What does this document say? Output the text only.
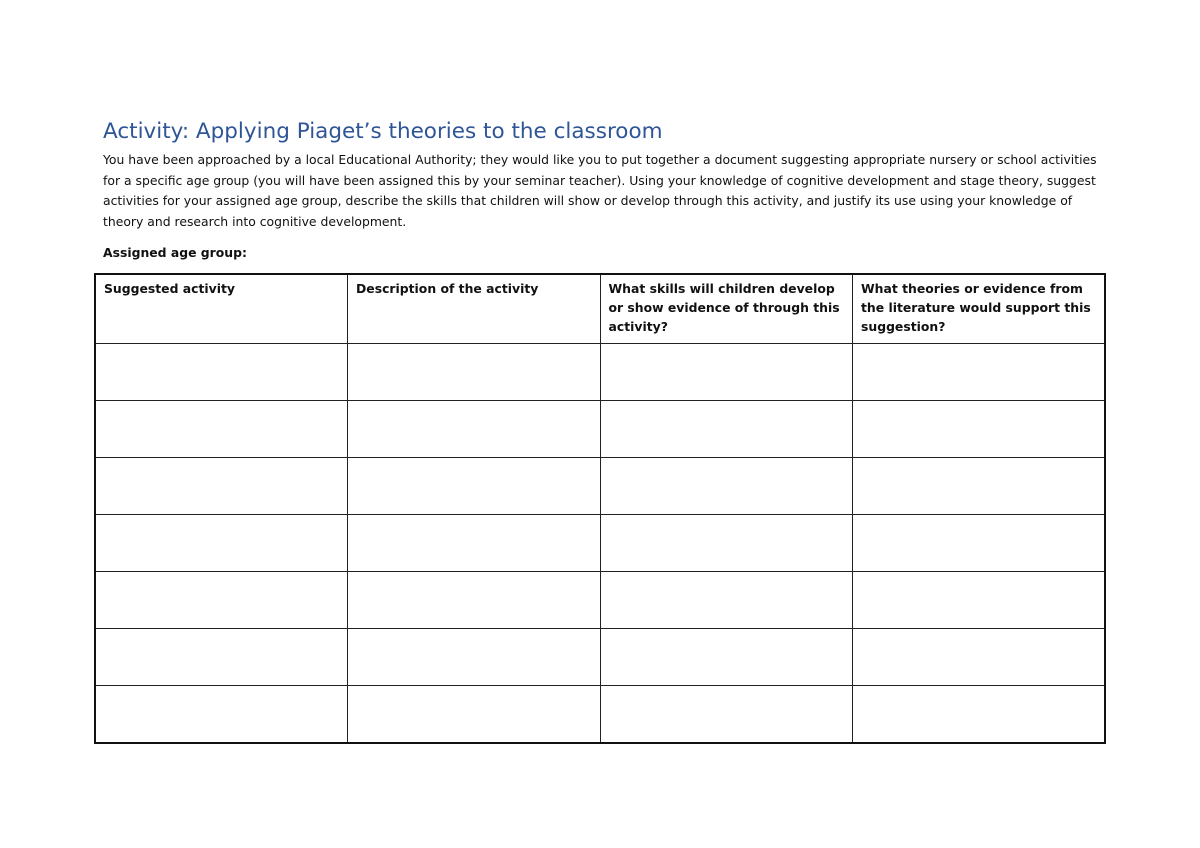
Activity: Applying Piaget’s theories to the classroom
You have been approached by a local Educational Authority; they would like you to put together a document suggesting appropriate nursery or school activities for a specific age group (you will have been assigned this by your seminar teacher). Using your knowledge of cognitive development and stage theory, suggest activities for your assigned age group, describe the skills that children will show or develop through this activity, and justify its use using your knowledge of theory and research into cognitive development.
Assigned age group:
Suggested activity	Description of the activity	What skills will children develop or show evidence of through this activity?	What theories or evidence from the literature would support this suggestion?
